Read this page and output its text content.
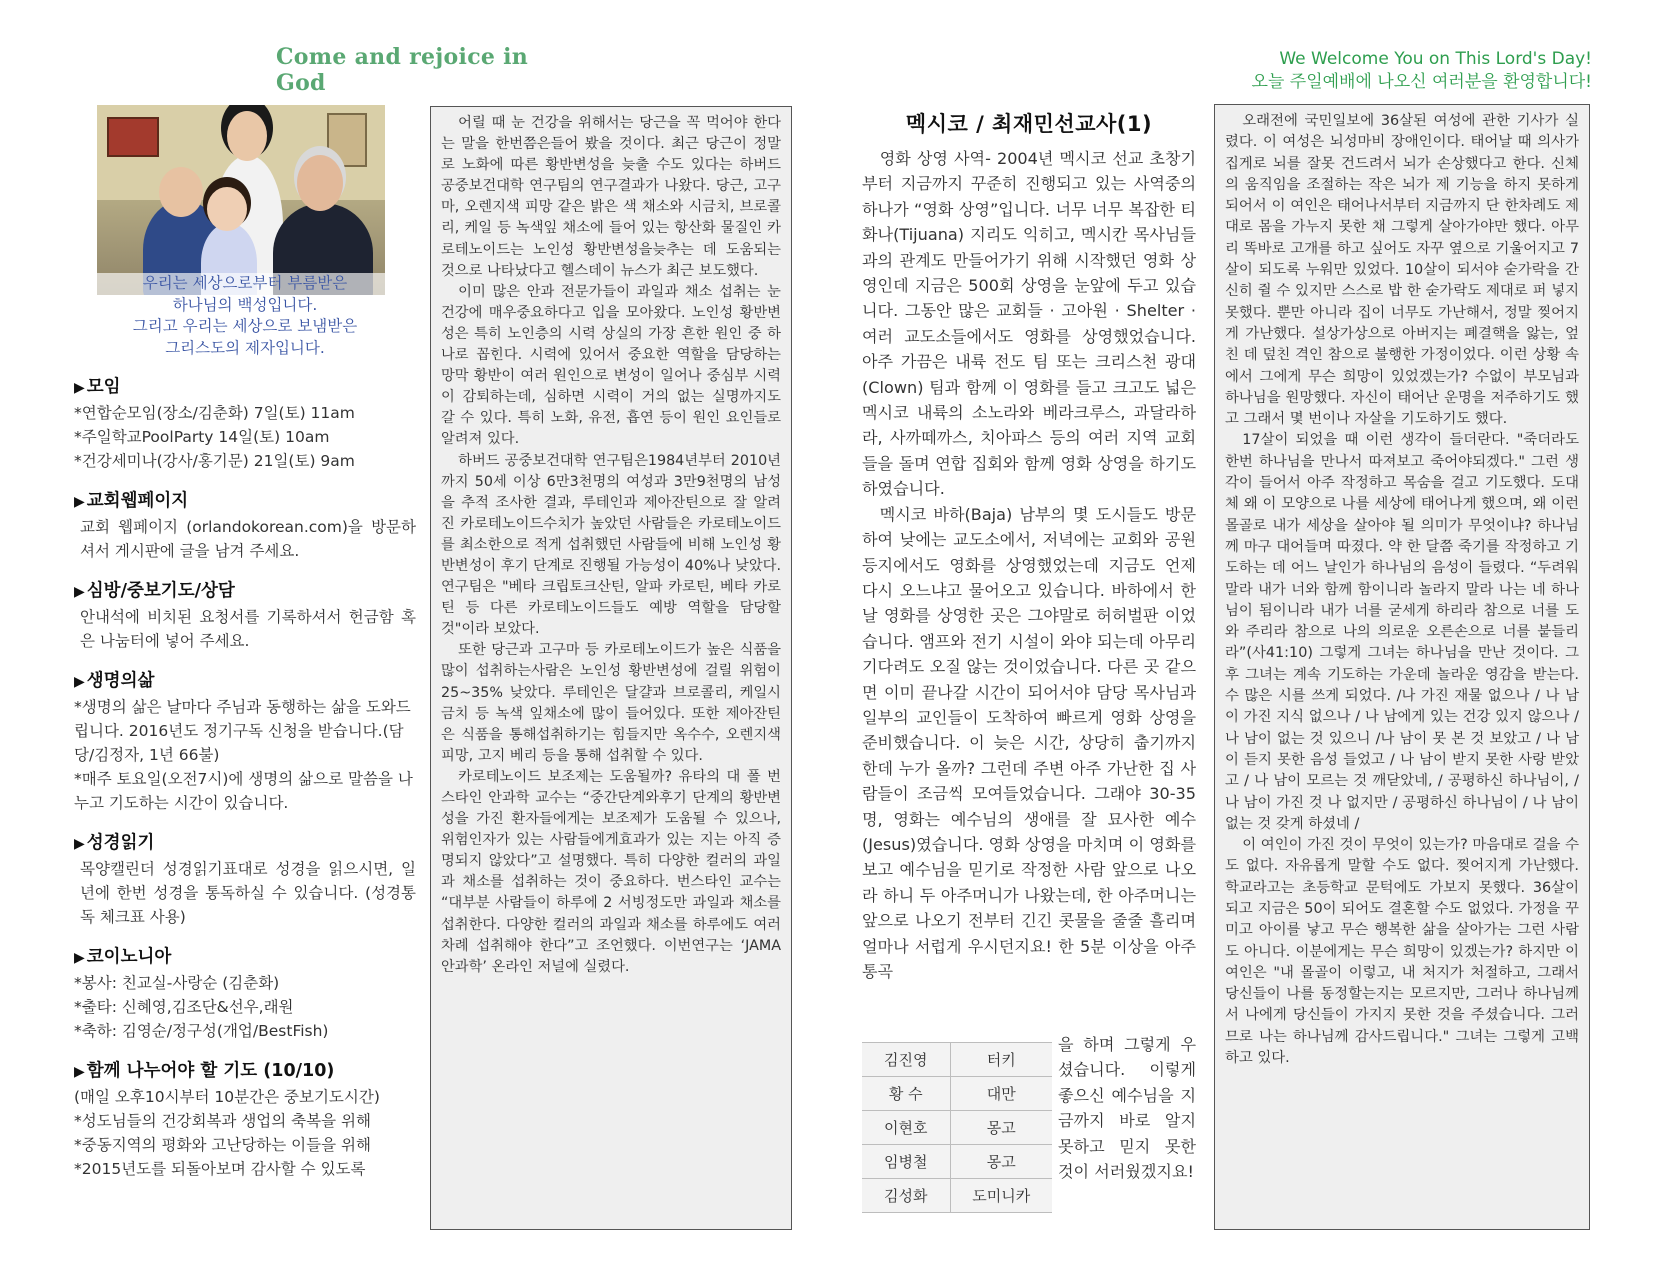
Come and rejoice in God
We Welcome You on This Lord's Day!
오늘 주일예배에 나오신 여러분을 환영합니다!
우리는 세상으로부터 부름받은
하나님의 백성입니다.
그리고 우리는 세상으로 보냄받은
그리스도의 제자입니다.
▶ 모임
*연합순모임(장소/김춘화) 7일(토) 11am
*주일학교PoolParty 14일(토) 10am
*건강세미나(강사/홍기문) 21일(토) 9am
▶ 교회웹페이지
교회 웹페이지 (orlandokorean.com)을 방문하셔서 게시판에 글을 남겨 주세요.
▶ 심방/중보기도/상담
안내석에 비치된 요청서를 기록하셔서 헌금함 혹은 나눔터에 넣어 주세요.
▶ 생명의삶
*생명의 삶은 날마다 주님과 동행하는 삶을 도와드립니다. 2016년도 정기구독 신청을 받습니다.(담당/김정자, 1년 66불)
*매주 토요일(오전7시)에 생명의 삶으로 말씀을 나누고 기도하는 시간이 있습니다.
▶ 성경읽기
목양캘린더 성경읽기표대로 성경을 읽으시면, 일년에 한번 성경을 통독하실 수 있습니다. (성경통독 체크표 사용)
▶ 코이노니아
*봉사: 친교실-사랑순 (김춘화)
*출타: 신혜영,김조단&선우,래원
*축하: 김영순/정구성(개업/BestFish)
▶ 함께 나누어야 할 기도 (10/10)
(매일 오후10시부터 10분간은 중보기도시간)
*성도님들의 건강회복과 생업의 축복을 위해
*중동지역의 평화와 고난당하는 이들을 위해
*2015년도를 되돌아보며 감사할 수 있도록

어릴 때 눈 건강을 위해서는 당근을 꼭 먹어야 한다는 말을 한번쯤은들어 봤을 것이다. 최근 당근이 정말로 노화에 따른 황반변성을 늦출 수도 있다는 하버드 공중보건대학 연구팀의 연구결과가 나왔다. 당근, 고구마, 오렌지색 피망 같은 밝은 색 채소와 시금치, 브로콜리, 케일 등 녹색잎 채소에 들어 있는 항산화 물질인 카로테노이드는 노인성 황반변성을늦추는 데 도움되는 것으로 나타났다고 헬스데이 뉴스가 최근 보도했다.

이미 많은 안과 전문가들이 과일과 채소 섭취는 눈 건강에 매우중요하다고 입을 모아왔다. 노인성 황반변성은 특히 노인층의 시력 상실의 가장 흔한 원인 중 하나로 꼽힌다. 시력에 있어서 중요한 역할을 담당하는 망막 황반이 여러 원인으로 변성이 일어나 중심부 시력이 감퇴하는데, 심하면 시력이 거의 없는 실명까지도 갈 수 있다. 특히 노화, 유전, 흡연 등이 원인 요인들로 알려져 있다.

하버드 공중보건대학 연구팀은1984년부터 2010년까지 50세 이상 6만3천명의 여성과 3만9천명의 남성을 추적 조사한 결과, 루테인과 제아잔틴으로 잘 알려진 카로테노이드수치가 높았던 사람들은 카로테노이드를 최소한으로 적게 섭취했던 사람들에 비해 노인성 황반변성이 후기 단계로 진행될 가능성이 40%나 낮았다. 연구팀은 "베타 크립토크산틴, 알파 카로틴, 베타 카로틴 등 다른 카로테노이드들도 예방 역할을 담당할 것"이라 보았다.

또한 당근과 고구마 등 카로테노이드가 높은 식품을 많이 섭취하는사람은 노인성 황반변성에 걸릴 위험이 25~35% 낮았다. 루테인은 달걀과 브로콜리, 케일시금치 등 녹색 잎채소에 많이 들어있다. 또한 제아잔틴은 식품을 통해섭취하기는 힘들지만 옥수수, 오렌지색 피망, 고지 베리 등을 통해 섭취할 수 있다.

카로테노이드 보조제는 도움될까? 유타의 대 폴 번스타인 안과학 교수는 “중간단계와후기 단계의 황반변성을 가진 환자들에게는 보조제가 도움될 수 있으나, 위험인자가 있는 사람들에게효과가 있는 지는 아직 증명되지 않았다”고 설명했다. 특히 다양한 컬러의 과일과 채소를 섭취하는 것이 중요하다. 번스타인 교수는 “대부분 사람들이 하루에 2 서빙정도만 과일과 채소를 섭취한다. 다양한 컬러의 과일과 채소를 하루에도 여러차례 섭취해야 한다”고 조언했다. 이번연구는 ‘JAMA 안과학’ 온라인 저널에 실렸다.

멕시코 / 최재민선교사(1)

영화 상영 사역- 2004년 멕시코 선교 초창기부터 지금까지 꾸준히 진행되고 있는 사역중의 하나가 “영화 상영”입니다. 너무 너무 복잡한 티화나(Tijuana) 지리도 익히고, 멕시칸 목사님들과의 관계도 만들어가기 위해 시작했던 영화 상영인데 지금은 500회 상영을 눈앞에 두고 있습니다. 그동안 많은 교회들 · 고아원 · Shelter · 여러 교도소들에서도 영화를 상영했었습니다. 아주 가끔은 내륙 전도 팀 또는 크리스천 광대(Clown) 팀과 함께 이 영화를 들고 크고도 넓은 멕시코 내륙의 소노라와 베라크루스, 과달라하라, 사까떼까스, 치아파스 등의 여러 지역 교회들을 돌며 연합 집회와 함께 영화 상영을 하기도 하였습니다.

멕시코 바하(Baja) 남부의 몇 도시들도 방문하여 낮에는 교도소에서, 저녁에는 교회와 공원 등지에서도 영화를 상영했었는데 지금도 언제 다시 오느냐고 물어오고 있습니다. 바하에서 한날 영화를 상영한 곳은 그야말로 허허벌판 이었습니다. 앰프와 전기 시설이 와야 되는데 아무리 기다려도 오질 않는 것이었습니다. 다른 곳 같으면 이미 끝나갈 시간이 되어서야 담당 목사님과 일부의 교인들이 도착하여 빠르게 영화 상영을 준비했습니다. 이 늦은 시간, 상당히 춥기까지 한데 누가 올까? 그런데 주변 아주 가난한 집 사람들이 조금씩 모여들었습니다. 그래야 30-35명, 영화는 예수님의 생애를 잘 묘사한 예수(Jesus)였습니다. 영화 상영을 마치며 이 영화를 보고 예수님을 믿기로 작정한 사람 앞으로 나오라 하니 두 아주머니가 나왔는데, 한 아주머니는 앞으로 나오기 전부터 긴긴 콧물을 줄줄 흘리며 얼마나 서럽게 우시던지요! 한 5분 이상을 아주 통곡

김진영	터키
황 수	대만
이현호	몽고
임병철	몽고
김성화	도미니카
을 하며 그렇게 우셨습니다. 이렇게 좋으신 예수님을 지금까지 바로 알지 못하고 믿지 못한 것이 서러웠겠지요!

오래전에 국민일보에 36살된 여성에 관한 기사가 실렸다. 이 여성은 뇌성마비 장애인이다. 태어날 때 의사가 집게로 뇌를 잘못 건드려서 뇌가 손상했다고 한다. 신체의 움직임을 조절하는 작은 뇌가 제 기능을 하지 못하게 되어서 이 여인은 태어나서부터 지금까지 단 한차례도 제대로 몸을 가누지 못한 채 그렇게 살아가야만 했다. 아무리 똑바로 고개를 하고 싶어도 자꾸 옆으로 기울어지고 7살이 되도록 누워만 있었다. 10살이 되서야 숟가락을 간신히 쥘 수 있지만 스스로 밥 한 숟가락도 제대로 퍼 넣지 못했다. 뿐만 아니라 집이 너무도 가난해서, 정말 찢어지게 가난했다. 설상가상으로 아버지는 폐결핵을 앓는, 엎친 데 덮친 격인 참으로 불행한 가정이었다. 이런 상황 속에서 그에게 무슨 희망이 있었겠는가? 수없이 부모님과 하나님을 원망했다. 자신이 태어난 운명을 저주하기도 했고 그래서 몇 번이나 자살을 기도하기도 했다.

17살이 되었을 때 이런 생각이 들더란다. "죽더라도 한번 하나님을 만나서 따져보고 죽어야되겠다." 그런 생각이 들어서 아주 작정하고 목숨을 걸고 기도했다. 도대체 왜 이 모양으로 나를 세상에 태어나게 했으며, 왜 이런 몰골로 내가 세상을 살아야 될 의미가 무엇이냐? 하나님께 마구 대어들며 따졌다. 약 한 달쯤 죽기를 작정하고 기도하는 데 어느 날인가 하나님의 음성이 들렸다. “두려워 말라 내가 너와 함께 함이니라 놀라지 말라 나는 네 하나님이 됨이니라 내가 너를 굳세게 하리라 참으로 너를 도와 주리라 참으로 나의 의로운 오른손으로 너를 붙들리라”(사41:10) 그렇게 그녀는 하나님을 만난 것이다. 그 후 그녀는 계속 기도하는 가운데 놀라운 영감을 받는다. 수 많은 시를 쓰게 되었다. /나 가진 재물 없으나 / 나 남이 가진 지식 없으나 / 나 남에게 있는 건강 있지 않으나 / 나 남이 없는 것 있으니 /나 남이 못 본 것 보았고 / 나 남이 듣지 못한 음성 들었고 / 나 남이 받지 못한 사랑 받았고 / 나 남이 모르는 것 깨닫았네, / 공평하신 하나님이, / 나 남이 가진 것 나 없지만 / 공평하신 하나님이 / 나 남이 없는 것 갖게 하셨네 /

이 여인이 가진 것이 무엇이 있는가? 마음대로 걸을 수도 없다. 자유롭게 말할 수도 없다. 찢어지게 가난했다. 학교라고는 초등학교 문턱에도 가보지 못했다. 36살이 되고 지금은 50이 되어도 결혼할 수도 없었다. 가정을 꾸미고 아이를 낳고 무슨 행복한 삶을 살아가는 그런 사람도 아니다. 이분에게는 무슨 희망이 있겠는가? 하지만 이 여인은 "내 몰골이 이렇고, 내 처지가 처절하고, 그래서 당신들이 나를 동정할는지는 모르지만, 그러나 하나님께서 나에게 당신들이 가지지 못한 것을 주셨습니다. 그러므로 나는 하나님께 감사드립니다." 그녀는 그렇게 고백하고 있다.
